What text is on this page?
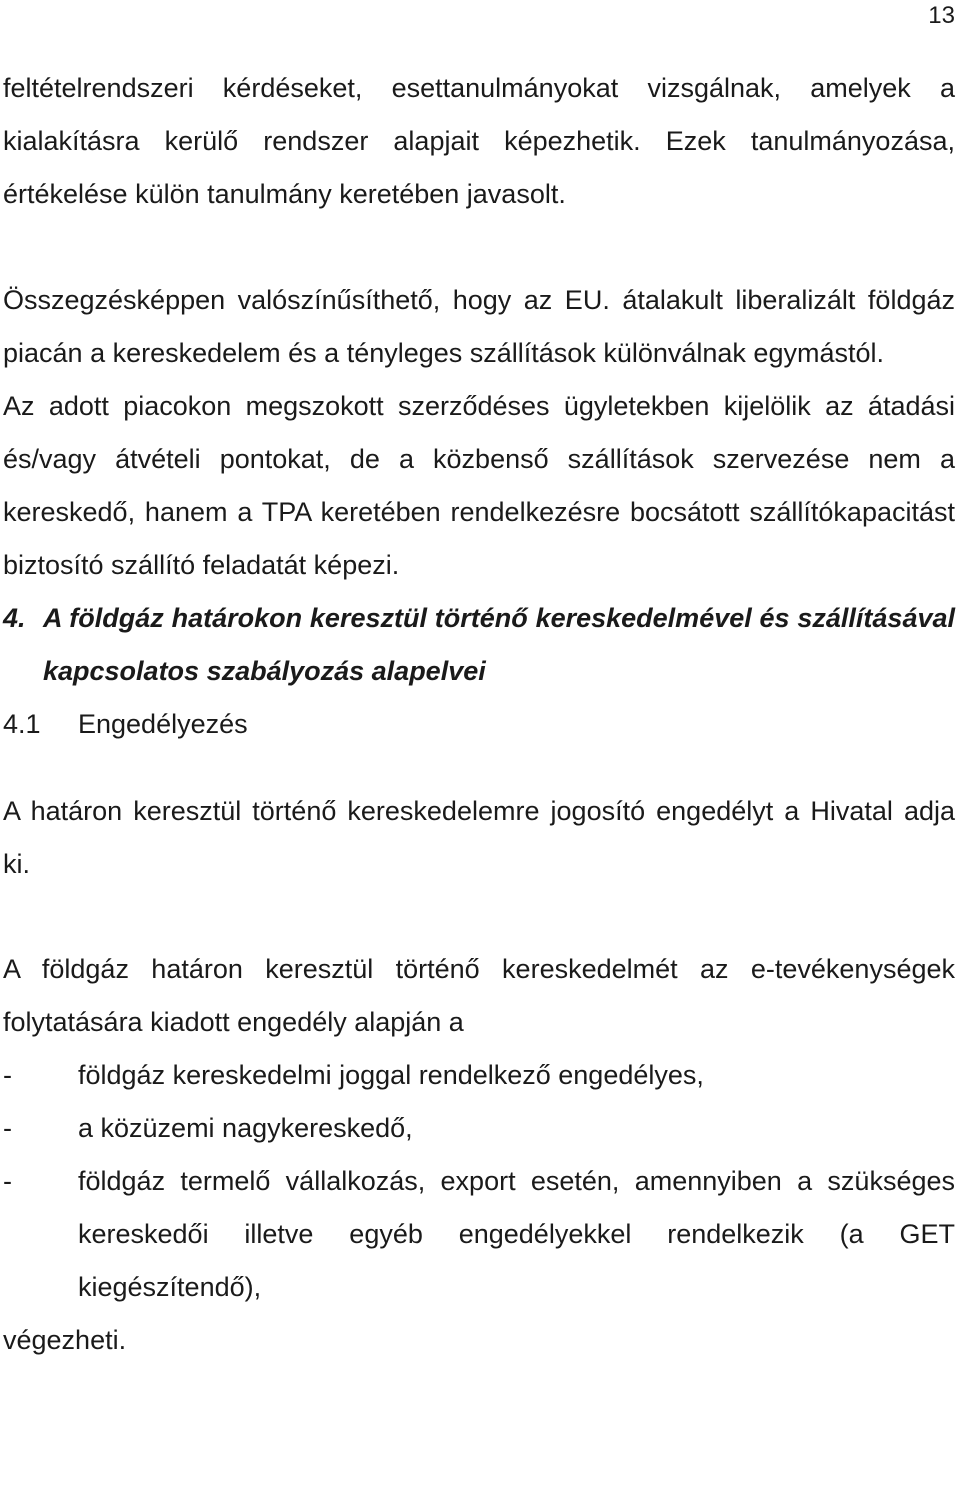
13

feltételrendszeri kérdéseket, esettanulmányokat vizsgálnak, amelyek a kialakításra kerülő rendszer alapjait képezhetik. Ezek tanulmányozása, értékelése külön tanulmány keretében javasolt.

Összegzésképpen valószínűsíthető, hogy az EU. átalakult liberalizált földgáz piacán a kereskedelem és a tényleges szállítások különválnak egymástól.

Az adott piacokon megszokott szerződéses ügyletekben kijelölik az átadási és/vagy átvételi pontokat, de a közbenső szállítások szervezése nem a kereskedő, hanem a TPA keretében rendelkezésre bocsátott szállítókapacitást biztosító szállító feladatát képezi.

4. A földgáz határokon keresztül történő kereskedelmével és szállításával kapcsolatos szabályozás alapelvei
4.1	Engedélyezés

A határon keresztül történő kereskedelemre jogosító engedélyt a Hivatal adja ki.

A földgáz határon keresztül történő kereskedelmét az e-tevékenységek folytatására kiadott engedély alapján a

-	földgáz kereskedelmi joggal rendelkező engedélyes,
-	a közüzemi nagykereskedő,
-	földgáz termelő vállalkozás, export esetén, amennyiben a szükséges kereskedői illetve egyéb engedélyekkel rendelkezik (a GET kiegészítendő),

végezheti.
